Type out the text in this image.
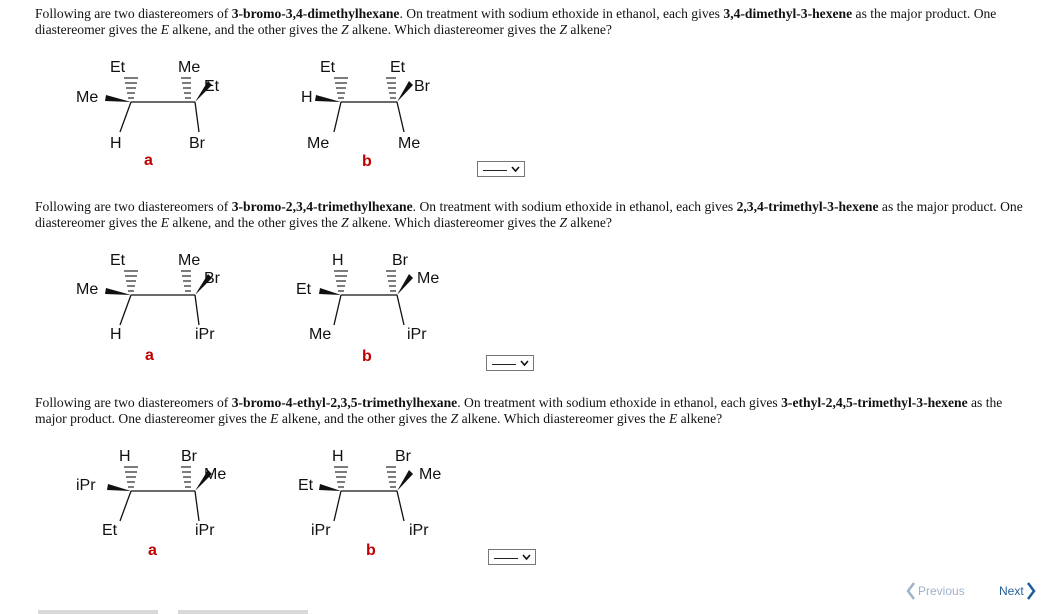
Following are two diastereomers of 3-bromo-3,4-dimethylhexane. On treatment with sodium ethoxide in ethanol, each gives 3,4-dimethyl-3-hexene as the major product. One diastereomer gives the E alkene, and the other gives the Z alkene. Which diastereomer gives the Z alkene?

Et
Me
H
Me
Et
Br
a
Et
H
Me
Et
Br
Me
b

Following are two diastereomers of 3-bromo-2,3,4-trimethylhexane. On treatment with sodium ethoxide in ethanol, each gives 2,3,4-trimethyl-3-hexene as the major product. One diastereomer gives the E alkene, and the other gives the Z alkene. Which diastereomer gives the Z alkene?

Et
Me
H
Me
Br
iPr
a
H
Et
Me
Br
Me
iPr
b

Following are two diastereomers of 3-bromo-4-ethyl-2,3,5-trimethylhexane. On treatment with sodium ethoxide in ethanol, each gives 3-ethyl-2,4,5-trimethyl-3-hexene as the major product. One diastereomer gives the E alkene, and the other gives the Z alkene. Which diastereomer gives the E alkene?

H
iPr
Et
Br
Me
iPr
a
H
Et
iPr
Br
Me
iPr
b
Previous	Next
